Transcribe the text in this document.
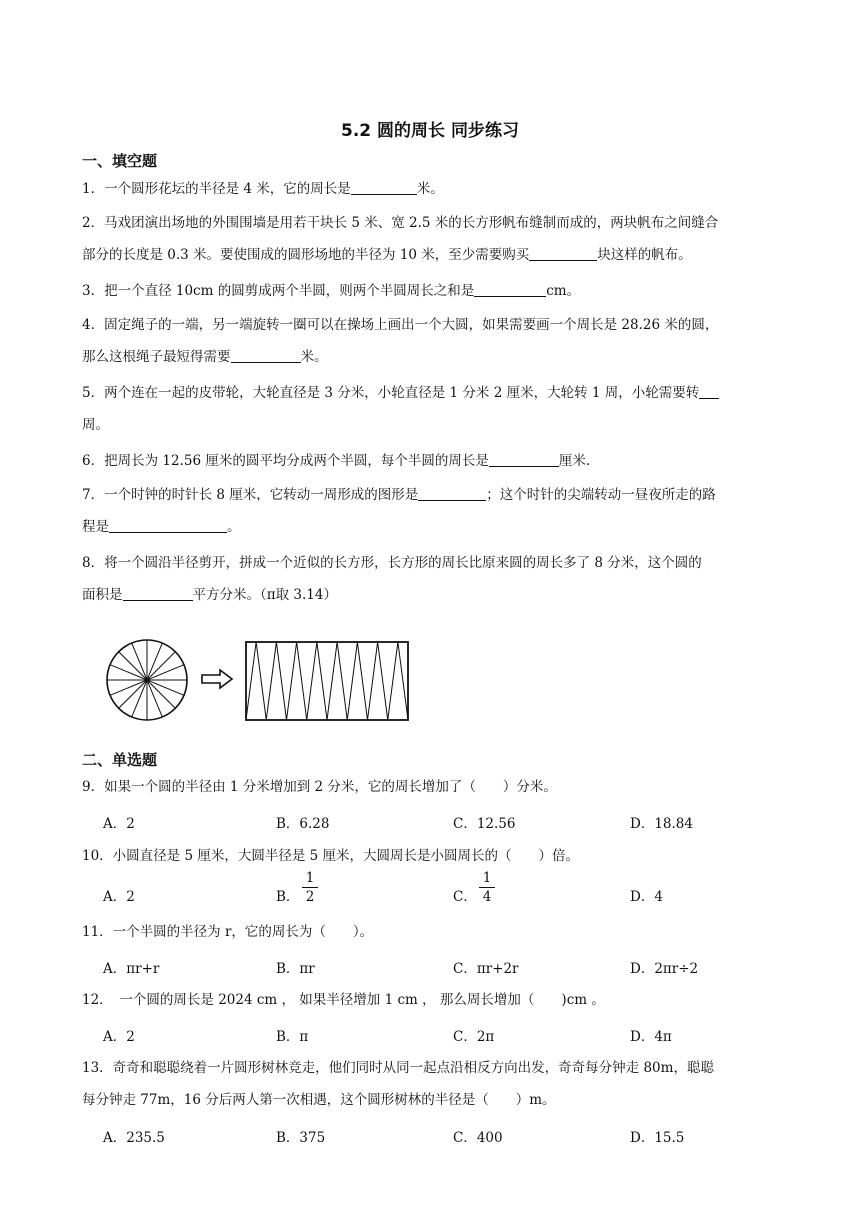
5.2 圆的周长 同步练习
一、填空题
1．一个圆形花坛的半径是 4 米，它的周长是	米。
2．马戏团演出场地的外围围墙是用若干块长 5 米、宽 2.5 米的长方形帆布缝制而成的，两块帆布之间缝合
部分的长度是 0.3 米。要使围成的圆形场地的半径为 10 米，至少需要购买	块这样的帆布。
3．把一个直径 10cm 的圆剪成两个半圆，则两个半圆周长之和是	cm。
4．固定绳子的一端，另一端旋转一圈可以在操场上画出一个大圆，如果需要画一个周长是 28.26 米的圆，
那么这根绳子最短得需要	米。
5．两个连在一起的皮带轮，大轮直径是 3 分米，小轮直径是 1 分米 2 厘米，大轮转 1 周，小轮需要转
周。
6．把周长为 12.56 厘米的圆平均分成两个半圆，每个半圆的周长是	厘米.
7．一个时钟的时针长 8 厘米，它转动一周形成的图形是	；这个时针的尖端转动一昼夜所走的路
程是	。
8．将一个圆沿半径剪开，拼成一个近似的长方形，长方形的周长比原来圆的周长多了 8 分米，这个圆的
面积是	平方分米。（π取 3.14）
二、单选题
9．如果一个圆的半径由 1 分米增加到 2 分米，它的周长增加了（　　）分米。
A．2	B．6.28	C．12.56	D．18.84
10．小圆直径是 5 厘米，大圆半径是 5 厘米，大圆周长是小圆周长的（　　）倍。
A．2	B．
1
2	C．
1
4	D．4
11．一个半圆的半径为 r，它的周长为（　　）。
A．πr+r	B．πr	C．πr+2r	D．2πr÷2
12．　一个圆的周长是 2024 cm ， 如果半径增加 1 cm ， 那么周长增加（　　)cm 。
A．2	B．π	C．2π	D．4π
13．奇奇和聪聪绕着一片圆形树林竞走，他们同时从同一起点沿相反方向出发，奇奇每分钟走 80m，聪聪
每分钟走 77m，16 分后两人第一次相遇，这个圆形树林的半径是（　　）m。
A．235.5	B．375	C．400	D．15.5
